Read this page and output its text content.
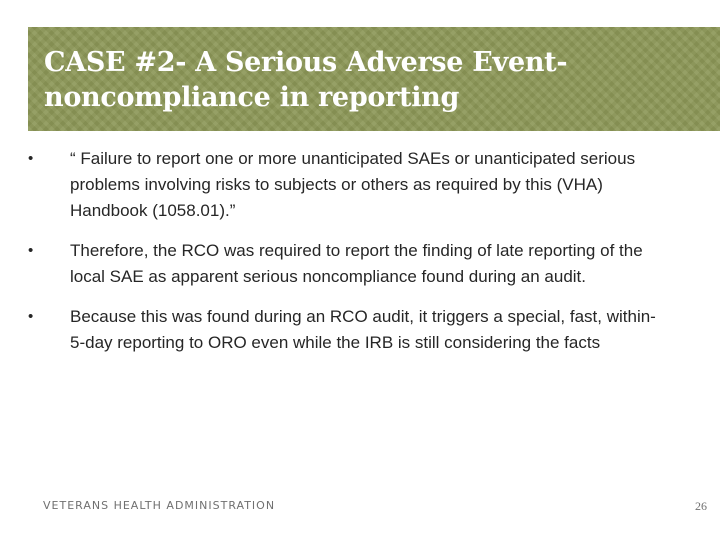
CASE #2- A Serious Adverse Event-noncompliance in reporting
• “ Failure to report one or more unanticipated SAEs or unanticipated serious problems involving risks to subjects or others as required by this (VHA) Handbook (1058.01).”
• Therefore, the RCO was required to report the finding of late reporting of the local SAE as apparent serious noncompliance found during an audit.
• Because this was found during an RCO audit, it triggers a special, fast, within-5-day reporting to ORO even while the IRB is still considering the facts
VETERANS HEALTH ADMINISTRATION	26
